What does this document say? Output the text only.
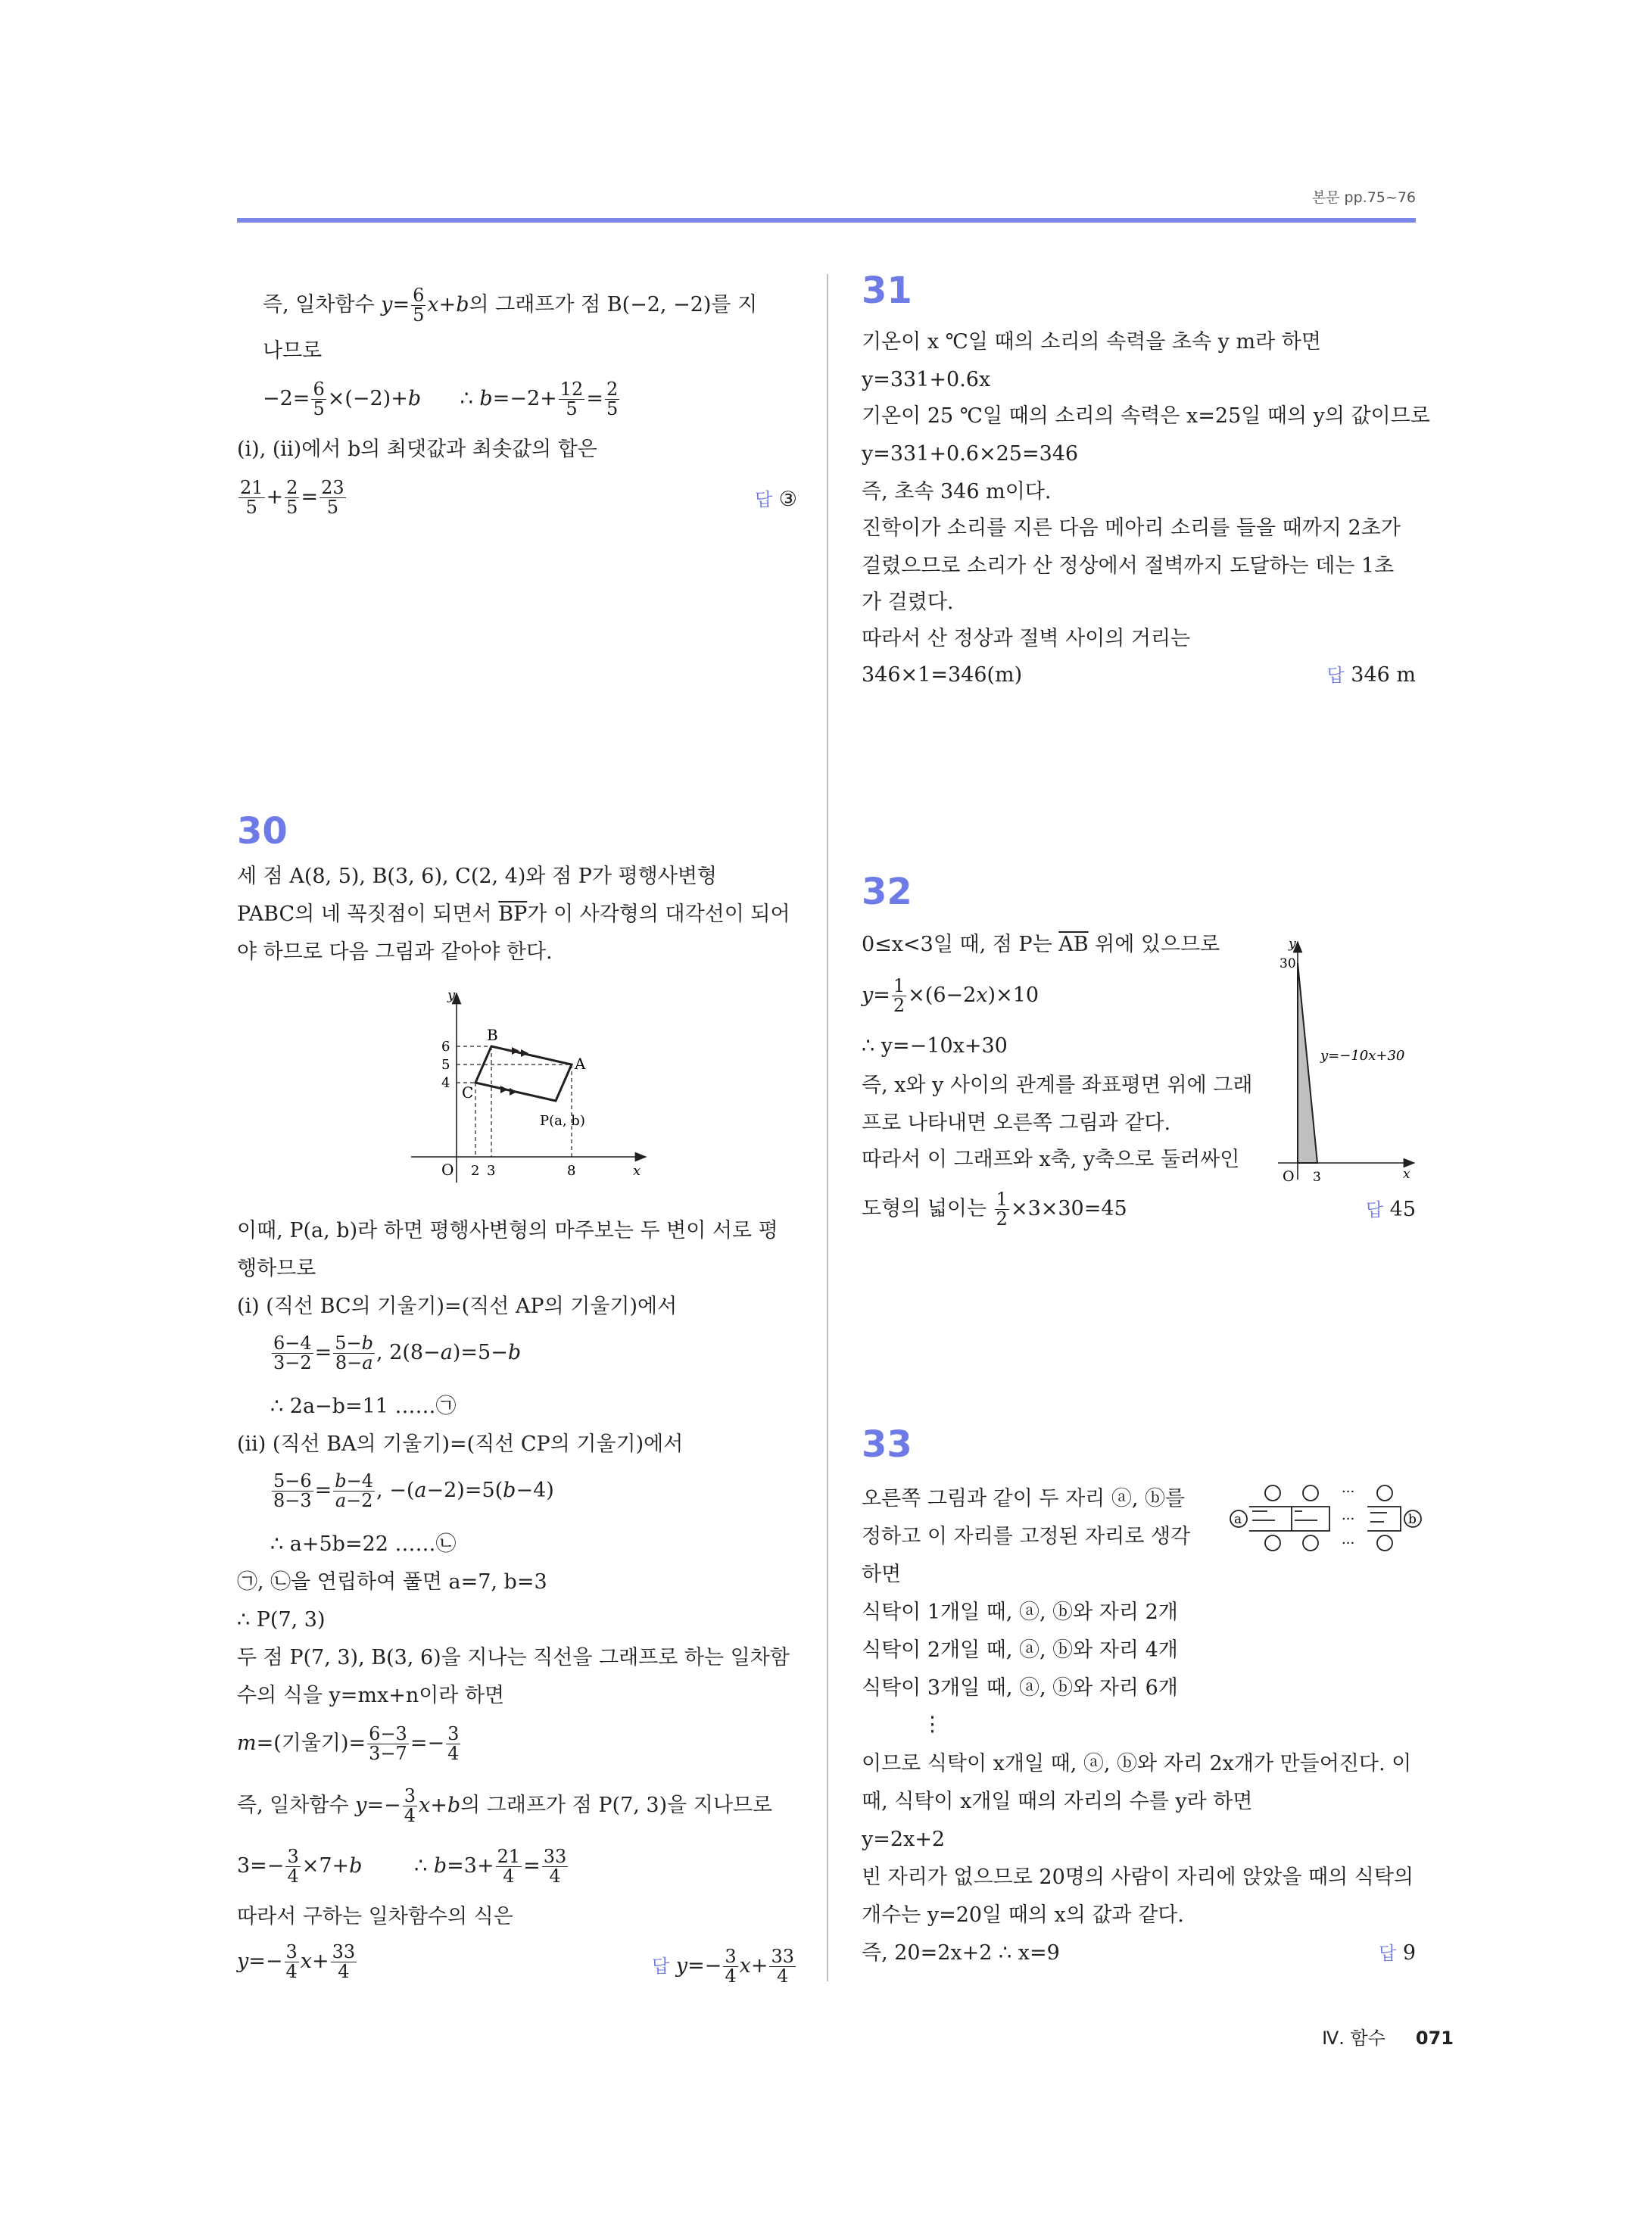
본문 pp.75~76
즉, 일차함수 $y= \frac{6}{5} x+b$의 그래프가 점 B(−2, −2)를 지
나므로
$-2= \frac{6}{5} \times(-2)+b$      ∴ $b=-2+ \frac{12}{5} = \frac{2}{5}$
(ⅰ), (ⅱ)에서 b의 최댓값과 최솟값의 합은
$\frac{21}{5} + \frac{2}{5} = \frac{23}{5}$	답 ③
30
세 점 A(8, 5), B(3, 6), C(2, 4)와 점 P가 평행사변형
PABC의 네 꼭짓점이 되면서 $\overline{BP}$가 이 사각형의 대각선이 되어
야 하므로 다음 그림과 같아야 한다.
y
x
O
6
5
4
2 3	8
B
A
C
P(a, b)
이때, P(a, b)라 하면 평행사변형의 마주보는 두 변이 서로 평
행하므로
(ⅰ) (직선 BC의 기울기)=(직선 AP의 기울기)에서
$\frac{6-4}{3-2} = \frac{5-b}{8-a}$ , 2(8−a)=5−b
∴ 2a−b=11 ……㉠
(ⅱ) (직선 BA의 기울기)=(직선 CP의 기울기)에서
$\frac{5-6}{8-3} = \frac{b-4}{a-2}$ , −(a−2)=5(b−4)
∴ a+5b=22 ……㉡
㉠, ㉡을 연립하여 풀면 a=7, b=3
∴ P(7, 3)
두 점 P(7, 3), B(3, 6)을 지나는 직선을 그래프로 하는 일차함
수의 식을 y=mx+n이라 하면
m=(기울기)= $\frac{6-3}{3-7} =- \frac{3}{4}$
즉, 일차함수 $y=- \frac{3}{4} x+b$의 그래프가 점 P(7, 3)을 지나므로
$3=- \frac{3}{4} \times 7+b$        ∴ $b=3+ \frac{21}{4} = \frac{33}{4}$
따라서 구하는 일차함수의 식은
$y=- \frac{3}{4} x+ \frac{33}{4}$	답 $y=- \frac{3}{4} x+ \frac{33}{4}$
31
기온이 x ℃일 때의 소리의 속력을 초속 y m라 하면
y=331+0.6x
기온이 25 ℃일 때의 소리의 속력은 x=25일 때의 y의 값이므로
y=331+0.6×25=346
즉, 초속 346 m이다.
진학이가 소리를 지른 다음 메아리 소리를 들을 때까지 2초가
걸렸으므로 소리가 산 정상에서 절벽까지 도달하는 데는 1초
가 걸렸다.
따라서 산 정상과 절벽 사이의 거리는
346×1=346(m)	답 346 m
32
0≤x<3일 때, 점 P는 $\overline{AB}$ 위에 있으므로
$y= \frac{1}{2} \times(6-2x)\times 10$
∴ y=−10x+30
즉, x와 y 사이의 관계를 좌표평면 위에 그래
프로 나타내면 오른쪽 그림과 같다.
따라서 이 그래프와 x축, y축으로 둘러싸인
도형의 넓이는 $\frac{1}{2} \times 3\times 30=45$	답 45
y
30
x
O 3
y=−10x+30
33
오른쪽 그림과 같이 두 자리 ⓐ, ⓑ를
정하고 이 자리를 고정된 자리로 생각
하면
식탁이 1개일 때, ⓐ, ⓑ와 자리 2개
식탁이 2개일 때, ⓐ, ⓑ와 자리 4개
식탁이 3개일 때, ⓐ, ⓑ와 자리 6개
⋮
이므로 식탁이 x개일 때, ⓐ, ⓑ와 자리 2x개가 만들어진다. 이
때, 식탁이 x개일 때의 자리의 수를 y라 하면
y=2x+2
빈 자리가 없으므로 20명의 사람이 자리에 앉았을 때의 식탁의
개수는 y=20일 때의 x의 값과 같다.
즉, 20=2x+2 ∴ x=9	답 9
a	b
···
···
···
Ⅳ. 함수 071
